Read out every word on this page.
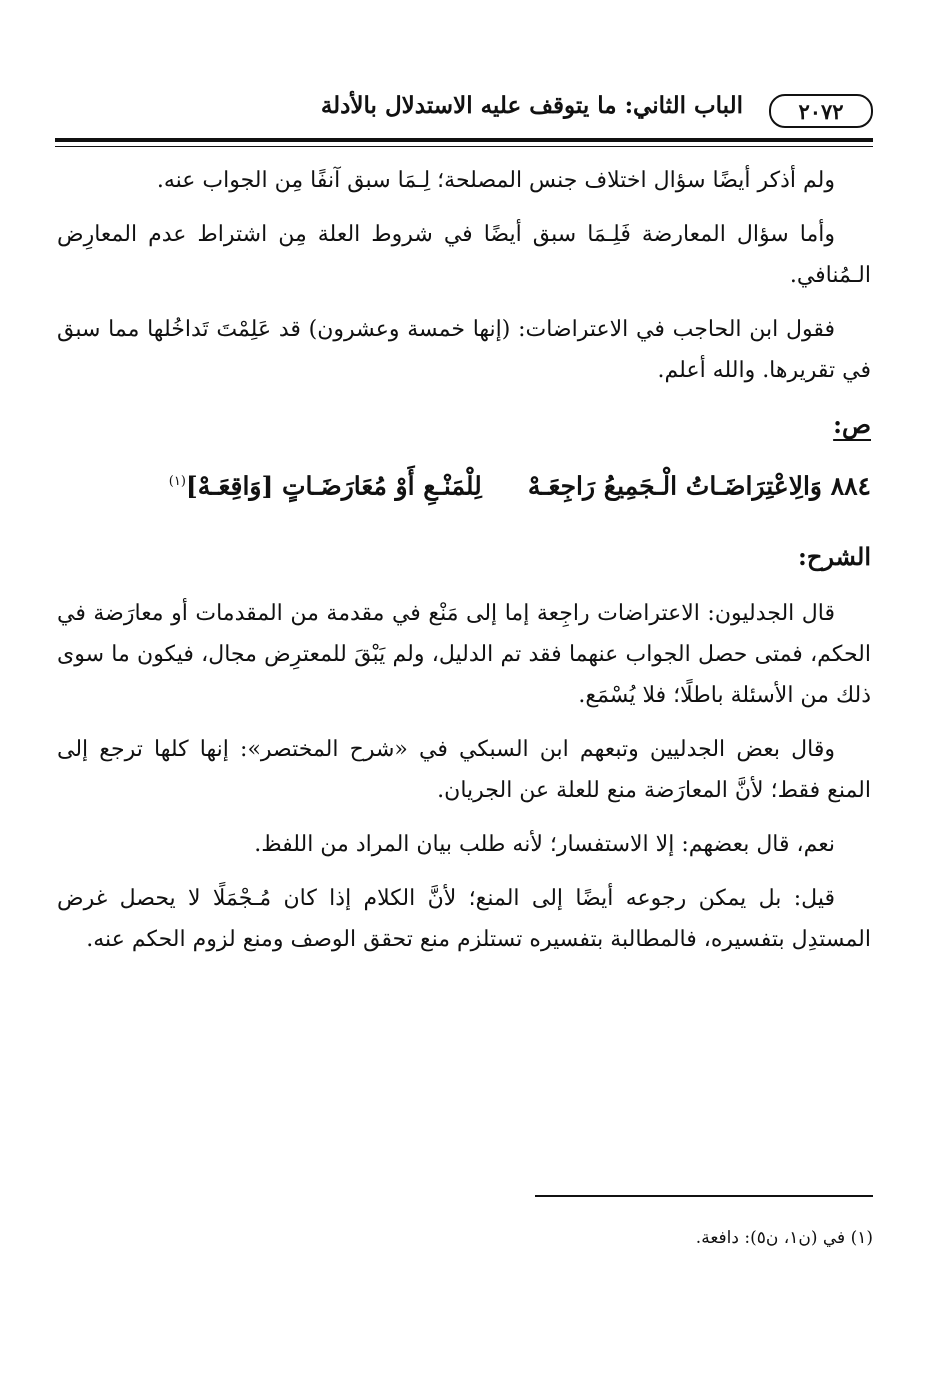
٢٠٧٢
الباب الثاني: ما يتوقف عليه الاستدلال بالأدلة

ولم أذكر أيضًا سؤال اختلاف جنس المصلحة؛ لِـمَا سبق آنفًا مِن الجواب عنه.

وأما سؤال المعارضة فَلِـمَا سبق أيضًا في شروط العلة مِن اشتراط عدم المعارِض الـمُنافي.

فقول ابن الحاجب في الاعتراضات: (إنها خمسة وعشرون) قد عَلِمْتَ تَداخُلها مما سبق في تقريرها. والله أعلم.

ص:

٨٨٤ وَالِاعْتِرَاضَـاتُ الْـجَمِيعُ رَاجِعَـهْلِلْمَنْـعِ أَوْ مُعَارَضَـاتٍ [وَاقِعَـهْ]$^{(١)}$

الشرح:

قال الجدليون: الاعتراضات راجِعة إما إلى مَنْع في مقدمة من المقدمات أو معارَضة في الحكم، فمتى حصل الجواب عنهما فقد تم الدليل، ولم يَبْقَ للمعترِض مجال، فيكون ما سوى ذلك من الأسئلة باطلًا؛ فلا يُسْمَع.

وقال بعض الجدليين وتبعهم ابن السبكي في «شرح المختصر»: إنها كلها ترجع إلى المنع فقط؛ لأنَّ المعارَضة منع للعلة عن الجريان.

نعم، قال بعضهم: إلا الاستفسار؛ لأنه طلب بيان المراد من اللفظ.

قيل: بل يمكن رجوعه أيضًا إلى المنع؛ لأنَّ الكلام إذا كان مُـجْمَلًا لا يحصل غرض المستدِل بتفسيره، فالمطالبة بتفسيره تستلزم منع تحقق الوصف ومنع لزوم الحكم عنه.

(١) في (ن١، ن٥): دافعة.
